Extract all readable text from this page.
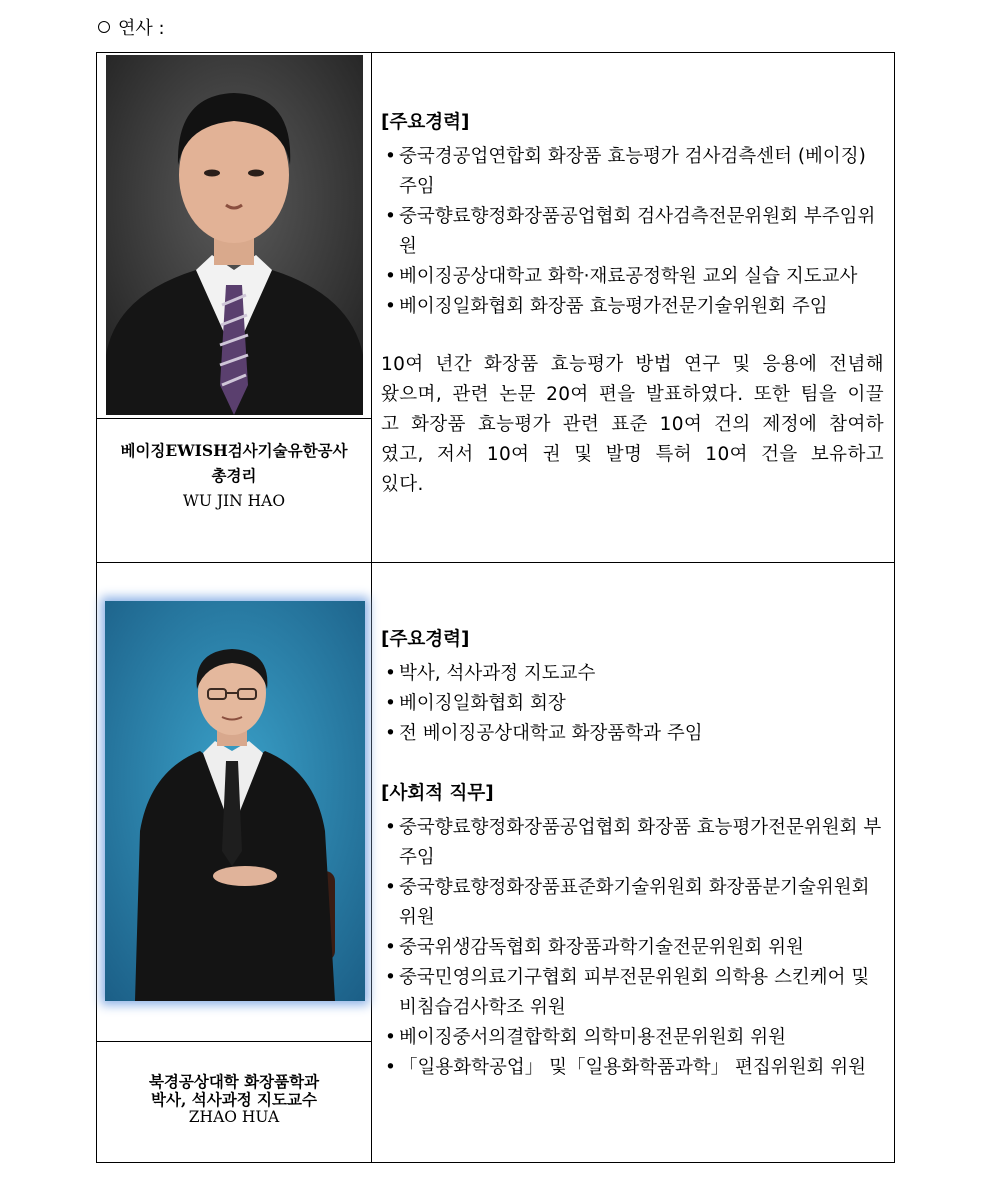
연사 :
베이징EWISH검사기술유한공사
총경리
WU JIN HAO
[주요경력]
• 중국경공업연합회 화장품 효능평가 검사검측센터 (베이징) 주임
• 중국향료향정화장품공업협회 검사검측전문위원회 부주임위원
• 베이징공상대학교 화학·재료공정학원 교외 실습 지도교사
• 베이징일화협회 화장품 효능평가전문기술위원회 주임
10여 년간 화장품 효능평가 방법 연구 및 응용에 전념해왔으며, 관련 논문 20여 편을 발표하였다. 또한 팀을 이끌고 화장품 효능평가 관련 표준 10여 건의 제정에 참여하였고, 저서 10여 권 및 발명 특허 10여 건을 보유하고 있다.
북경공상대학 화장품학과
박사, 석사과정 지도교수
ZHAO HUA
[주요경력]
• 박사, 석사과정 지도교수
• 베이징일화협회 회장
• 전 베이징공상대학교 화장품학과 주임
[사회적 직무]
• 중국향료향정화장품공업협회 화장품 효능평가전문위원회 부주임
• 중국향료향정화장품표준화기술위원회 화장품분기술위원회 위원
• 중국위생감독협회 화장품과학기술전문위원회 위원
• 중국민영의료기구협회 피부전문위원회 의학용 스킨케어 및 비침습검사학조 위원
• 베이징중서의결합학회 의학미용전문위원회 위원
• 「일용화학공업」 및「일용화학품과학」 편집위원회 위원
